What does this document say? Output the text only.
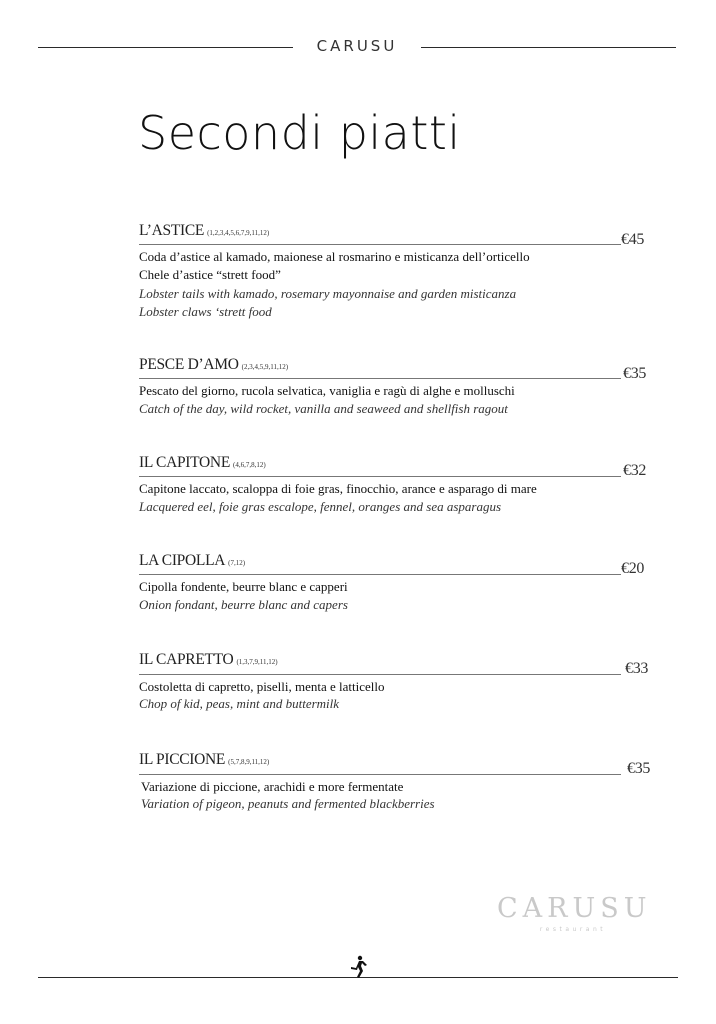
CARUSU
Secondi piatti
L’ASTICE (1,2,3,4,5,6,7,9,11,12)	€45
Coda d’astice al kamado, maionese al rosmarino e misticanza dell’orticello
Chele d’astice “strett food”
Lobster tails with kamado, rosemary mayonnaise and garden misticanza
Lobster claws ‘strett food
PESCE D’AMO (2,3,4,5,9,11,12)	€35
Pescato del giorno, rucola selvatica, vaniglia e ragù di alghe e molluschi
Catch of the day, wild rocket, vanilla and seaweed and shellfish ragout
IL CAPITONE (4,6,7,8,12)	€32
Capitone laccato, scaloppa di foie gras, finocchio, arance e asparago di mare
Lacquered eel, foie gras escalope, fennel, oranges and sea asparagus
LA CIPOLLA (7,12)	€20
Cipolla fondente, beurre blanc e capperi
Onion fondant, beurre blanc and capers
IL CAPRETTO (1,3,7,9,11,12)	€33
Costoletta di capretto, piselli, menta e latticello
Chop of kid, peas, mint and buttermilk
IL PICCIONE (5,7,8,9,11,12)	€35
Variazione di piccione, arachidi e more fermentate
Variation of pigeon, peanuts and fermented blackberries
CARUSU
restaurant
